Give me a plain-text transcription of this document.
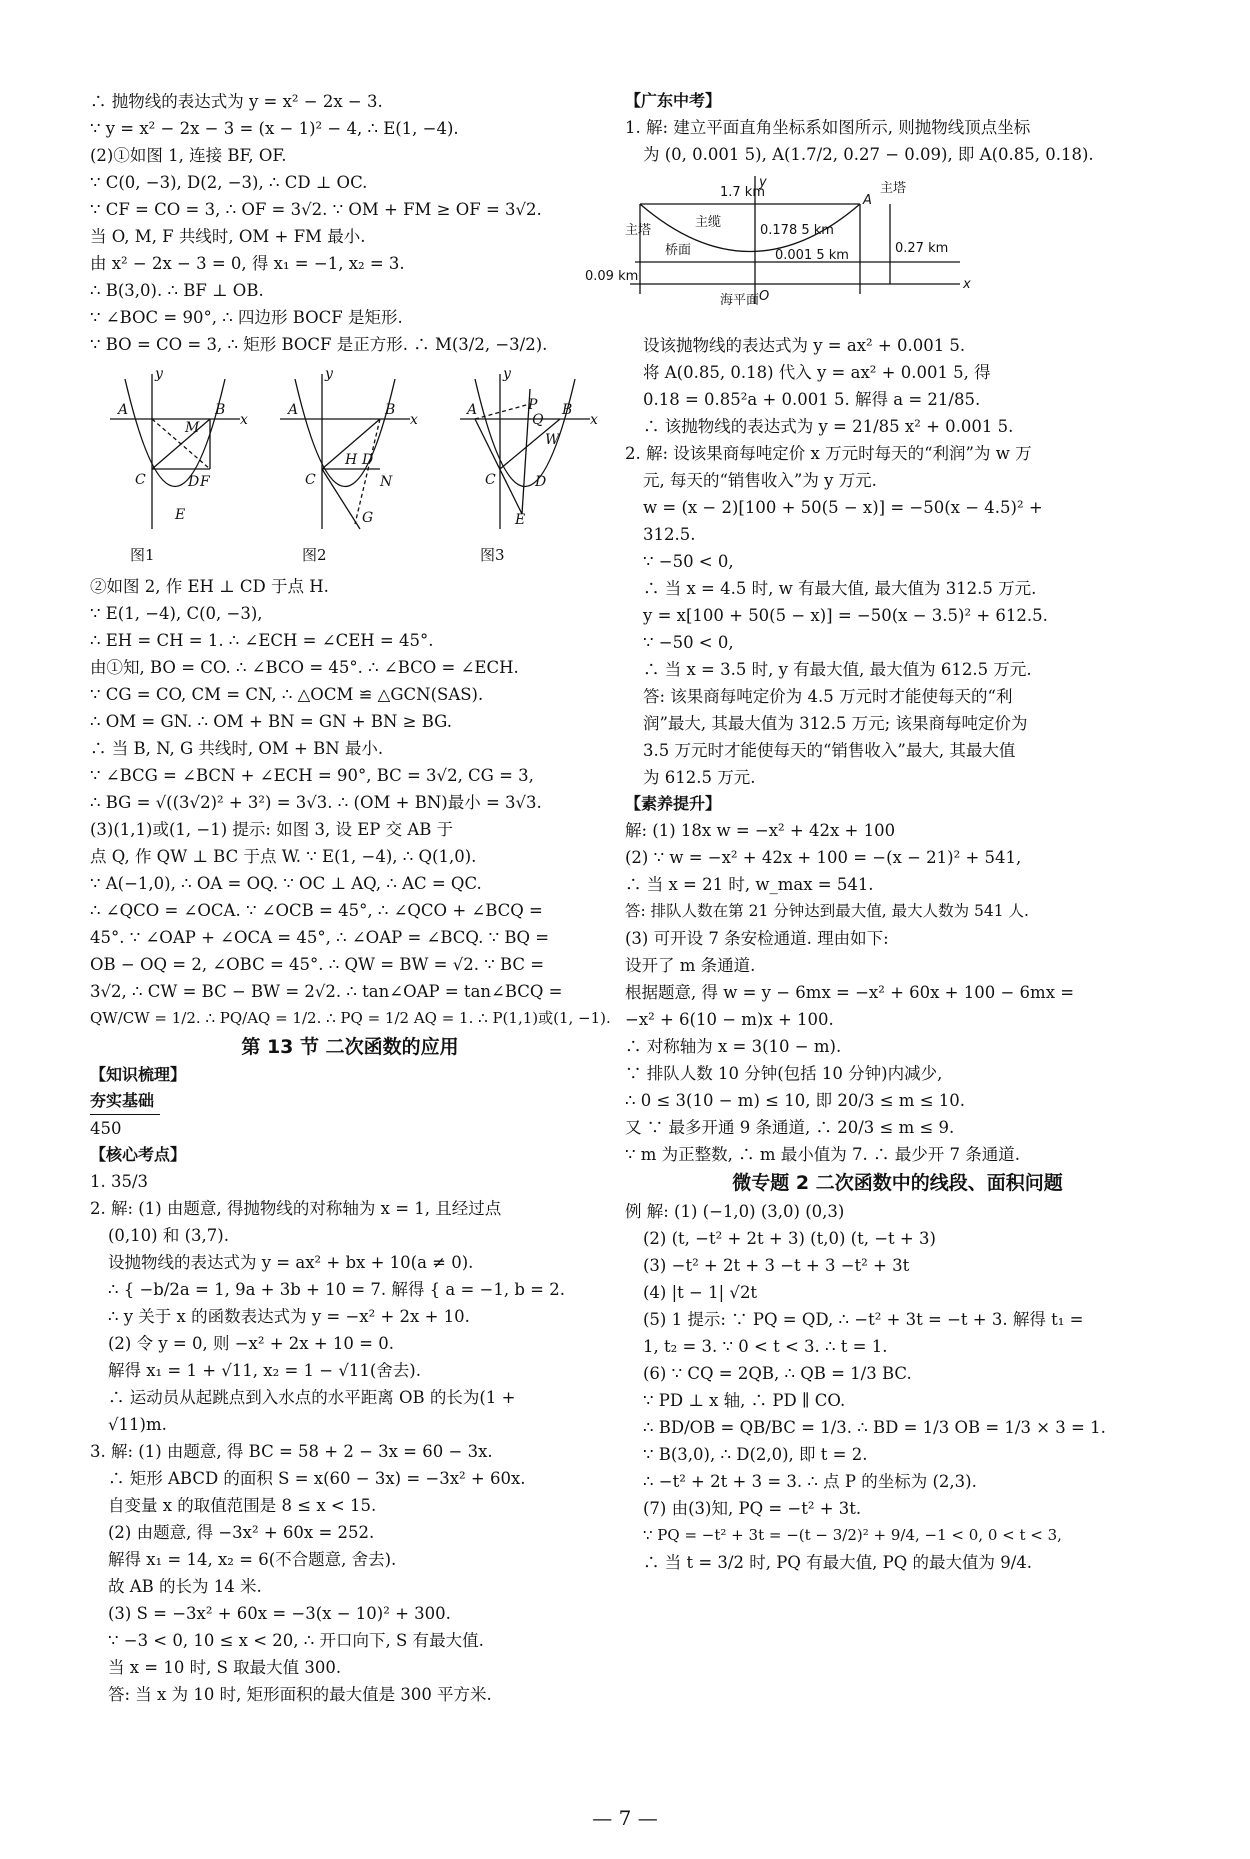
∴ 抛物线的表达式为 y = x² − 2x − 3.
∵ y = x² − 2x − 3 = (x − 1)² − 4, ∴ E(1, −4).
(2)①如图 1, 连接 BF, OF.
∵ C(0, −3), D(2, −3), ∴ CD ⊥ OC.
∵ CF = CO = 3, ∴ OF = 3√2. ∵ OM + FM ≥ OF = 3√2.
当 O, M, F 共线时, OM + FM 最小.
由 x² − 2x − 3 = 0, 得 x₁ = −1, x₂ = 3.
∴ B(3,0). ∴ BF ⊥ OB.
∵ ∠BOC = 90°, ∴ 四边形 BOCF 是矩形.
∵ BO = CO = 3, ∴ 矩形 BOCF 是正方形. ∴ M(3/2, −3/2).
A	B
y
x
C	D F
E
M
A	B
y
x
C
H D
N
G
A	B
y
x
C	D
E
P
Q
W
图1	图2	图3
②如图 2, 作 EH ⊥ CD 于点 H.
∵ E(1, −4), C(0, −3),
∴ EH = CH = 1. ∴ ∠ECH = ∠CEH = 45°.
由①知, BO = CO. ∴ ∠BCO = 45°. ∴ ∠BCO = ∠ECH.
∵ CG = CO, CM = CN, ∴ △OCM ≌ △GCN(SAS).
∴ OM = GN. ∴ OM + BN = GN + BN ≥ BG.
∴ 当 B, N, G 共线时, OM + BN 最小.
∵ ∠BCG = ∠BCN + ∠ECH = 90°, BC = 3√2, CG = 3,
∴ BG = √((3√2)² + 3²) = 3√3. ∴ (OM + BN)最小 = 3√3.
(3)(1,1)或(1, −1) 提示: 如图 3, 设 EP 交 AB 于
点 Q, 作 QW ⊥ BC 于点 W. ∵ E(1, −4), ∴ Q(1,0).
∵ A(−1,0), ∴ OA = OQ. ∵ OC ⊥ AQ, ∴ AC = QC.
∴ ∠QCO = ∠OCA. ∵ ∠OCB = 45°, ∴ ∠QCO + ∠BCQ =
45°. ∵ ∠OAP + ∠OCA = 45°, ∴ ∠OAP = ∠BCQ. ∵ BQ =
OB − OQ = 2, ∠OBC = 45°. ∴ QW = BW = √2. ∵ BC =
3√2, ∴ CW = BC − BW = 2√2. ∴ tan∠OAP = tan∠BCQ =
QW/CW = 1/2. ∴ PQ/AQ = 1/2. ∴ PQ = 1/2 AQ = 1. ∴ P(1,1)或(1, −1).
第 13 节 二次函数的应用
【知识梳理】
夯实基础
450
【核心考点】
1. 35/3
2. 解: (1) 由题意, 得抛物线的对称轴为 x = 1, 且经过点
(0,10) 和 (3,7).
设抛物线的表达式为 y = ax² + bx + 10(a ≠ 0).
∴ { −b/2a = 1, 9a + 3b + 10 = 7. 解得 { a = −1, b = 2.
∴ y 关于 x 的函数表达式为 y = −x² + 2x + 10.
(2) 令 y = 0, 则 −x² + 2x + 10 = 0.
解得 x₁ = 1 + √11, x₂ = 1 − √11(舍去).
∴ 运动员从起跳点到入水点的水平距离 OB 的长为(1 +
√11)m.
3. 解: (1) 由题意, 得 BC = 58 + 2 − 3x = 60 − 3x.
∴ 矩形 ABCD 的面积 S = x(60 − 3x) = −3x² + 60x.
自变量 x 的取值范围是 8 ≤ x < 15.
(2) 由题意, 得 −3x² + 60x = 252.
解得 x₁ = 14, x₂ = 6(不合题意, 舍去).
故 AB 的长为 14 米.
(3) S = −3x² + 60x = −3(x − 10)² + 300.
∵ −3 < 0, 10 ≤ x < 20, ∴ 开口向下, S 有最大值.
当 x = 10 时, S 取最大值 300.
答: 当 x 为 10 时, 矩形面积的最大值是 300 平方米.
【广东中考】
1. 解: 建立平面直角坐标系如图所示, 则抛物线顶点坐标
为 (0, 0.001 5), A(1.7/2, 0.27 − 0.09), 即 A(0.85, 0.18).
1.7 km	主塔
主塔
主缆
桥面
海平面
0.178 5 km
0.001 5 km	0.27 km
0.09 km
A
O
x
y
设该抛物线的表达式为 y = ax² + 0.001 5.
将 A(0.85, 0.18) 代入 y = ax² + 0.001 5, 得
0.18 = 0.85²a + 0.001 5. 解得 a = 21/85.
∴ 该抛物线的表达式为 y = 21/85 x² + 0.001 5.
2. 解: 设该果商每吨定价 x 万元时每天的“利润”为 w 万
元, 每天的“销售收入”为 y 万元.
w = (x − 2)[100 + 50(5 − x)] = −50(x − 4.5)² +
312.5.
∵ −50 < 0,
∴ 当 x = 4.5 时, w 有最大值, 最大值为 312.5 万元.
y = x[100 + 50(5 − x)] = −50(x − 3.5)² + 612.5.
∵ −50 < 0,
∴ 当 x = 3.5 时, y 有最大值, 最大值为 612.5 万元.
答: 该果商每吨定价为 4.5 万元时才能使每天的“利
润”最大, 其最大值为 312.5 万元; 该果商每吨定价为
3.5 万元时才能使每天的“销售收入”最大, 其最大值
为 612.5 万元.
【素养提升】
解: (1) 18x w = −x² + 42x + 100
(2) ∵ w = −x² + 42x + 100 = −(x − 21)² + 541,
∴ 当 x = 21 时, w_max = 541.
答: 排队人数在第 21 分钟达到最大值, 最大人数为 541 人.
(3) 可开设 7 条安检通道. 理由如下:
设开了 m 条通道.
根据题意, 得 w = y − 6mx = −x² + 60x + 100 − 6mx =
−x² + 6(10 − m)x + 100.
∴ 对称轴为 x = 3(10 − m).
∵ 排队人数 10 分钟(包括 10 分钟)内减少,
∴ 0 ≤ 3(10 − m) ≤ 10, 即 20/3 ≤ m ≤ 10.
又 ∵ 最多开通 9 条通道, ∴ 20/3 ≤ m ≤ 9.
∵ m 为正整数, ∴ m 最小值为 7. ∴ 最少开 7 条通道.
微专题 2 二次函数中的线段、面积问题
例 解: (1) (−1,0) (3,0) (0,3)
(2) (t, −t² + 2t + 3) (t,0) (t, −t + 3)
(3) −t² + 2t + 3 −t + 3 −t² + 3t
(4) |t − 1| √2t
(5) 1 提示: ∵ PQ = QD, ∴ −t² + 3t = −t + 3. 解得 t₁ =
1, t₂ = 3. ∵ 0 < t < 3. ∴ t = 1.
(6) ∵ CQ = 2QB, ∴ QB = 1/3 BC.
∵ PD ⊥ x 轴, ∴ PD ∥ CO.
∴ BD/OB = QB/BC = 1/3. ∴ BD = 1/3 OB = 1/3 × 3 = 1.
∵ B(3,0), ∴ D(2,0), 即 t = 2.
∴ −t² + 2t + 3 = 3. ∴ 点 P 的坐标为 (2,3).
(7) 由(3)知, PQ = −t² + 3t.
∵ PQ = −t² + 3t = −(t − 3/2)² + 9/4, −1 < 0, 0 < t < 3,
∴ 当 t = 3/2 时, PQ 有最大值, PQ 的最大值为 9/4.
— 7 —
